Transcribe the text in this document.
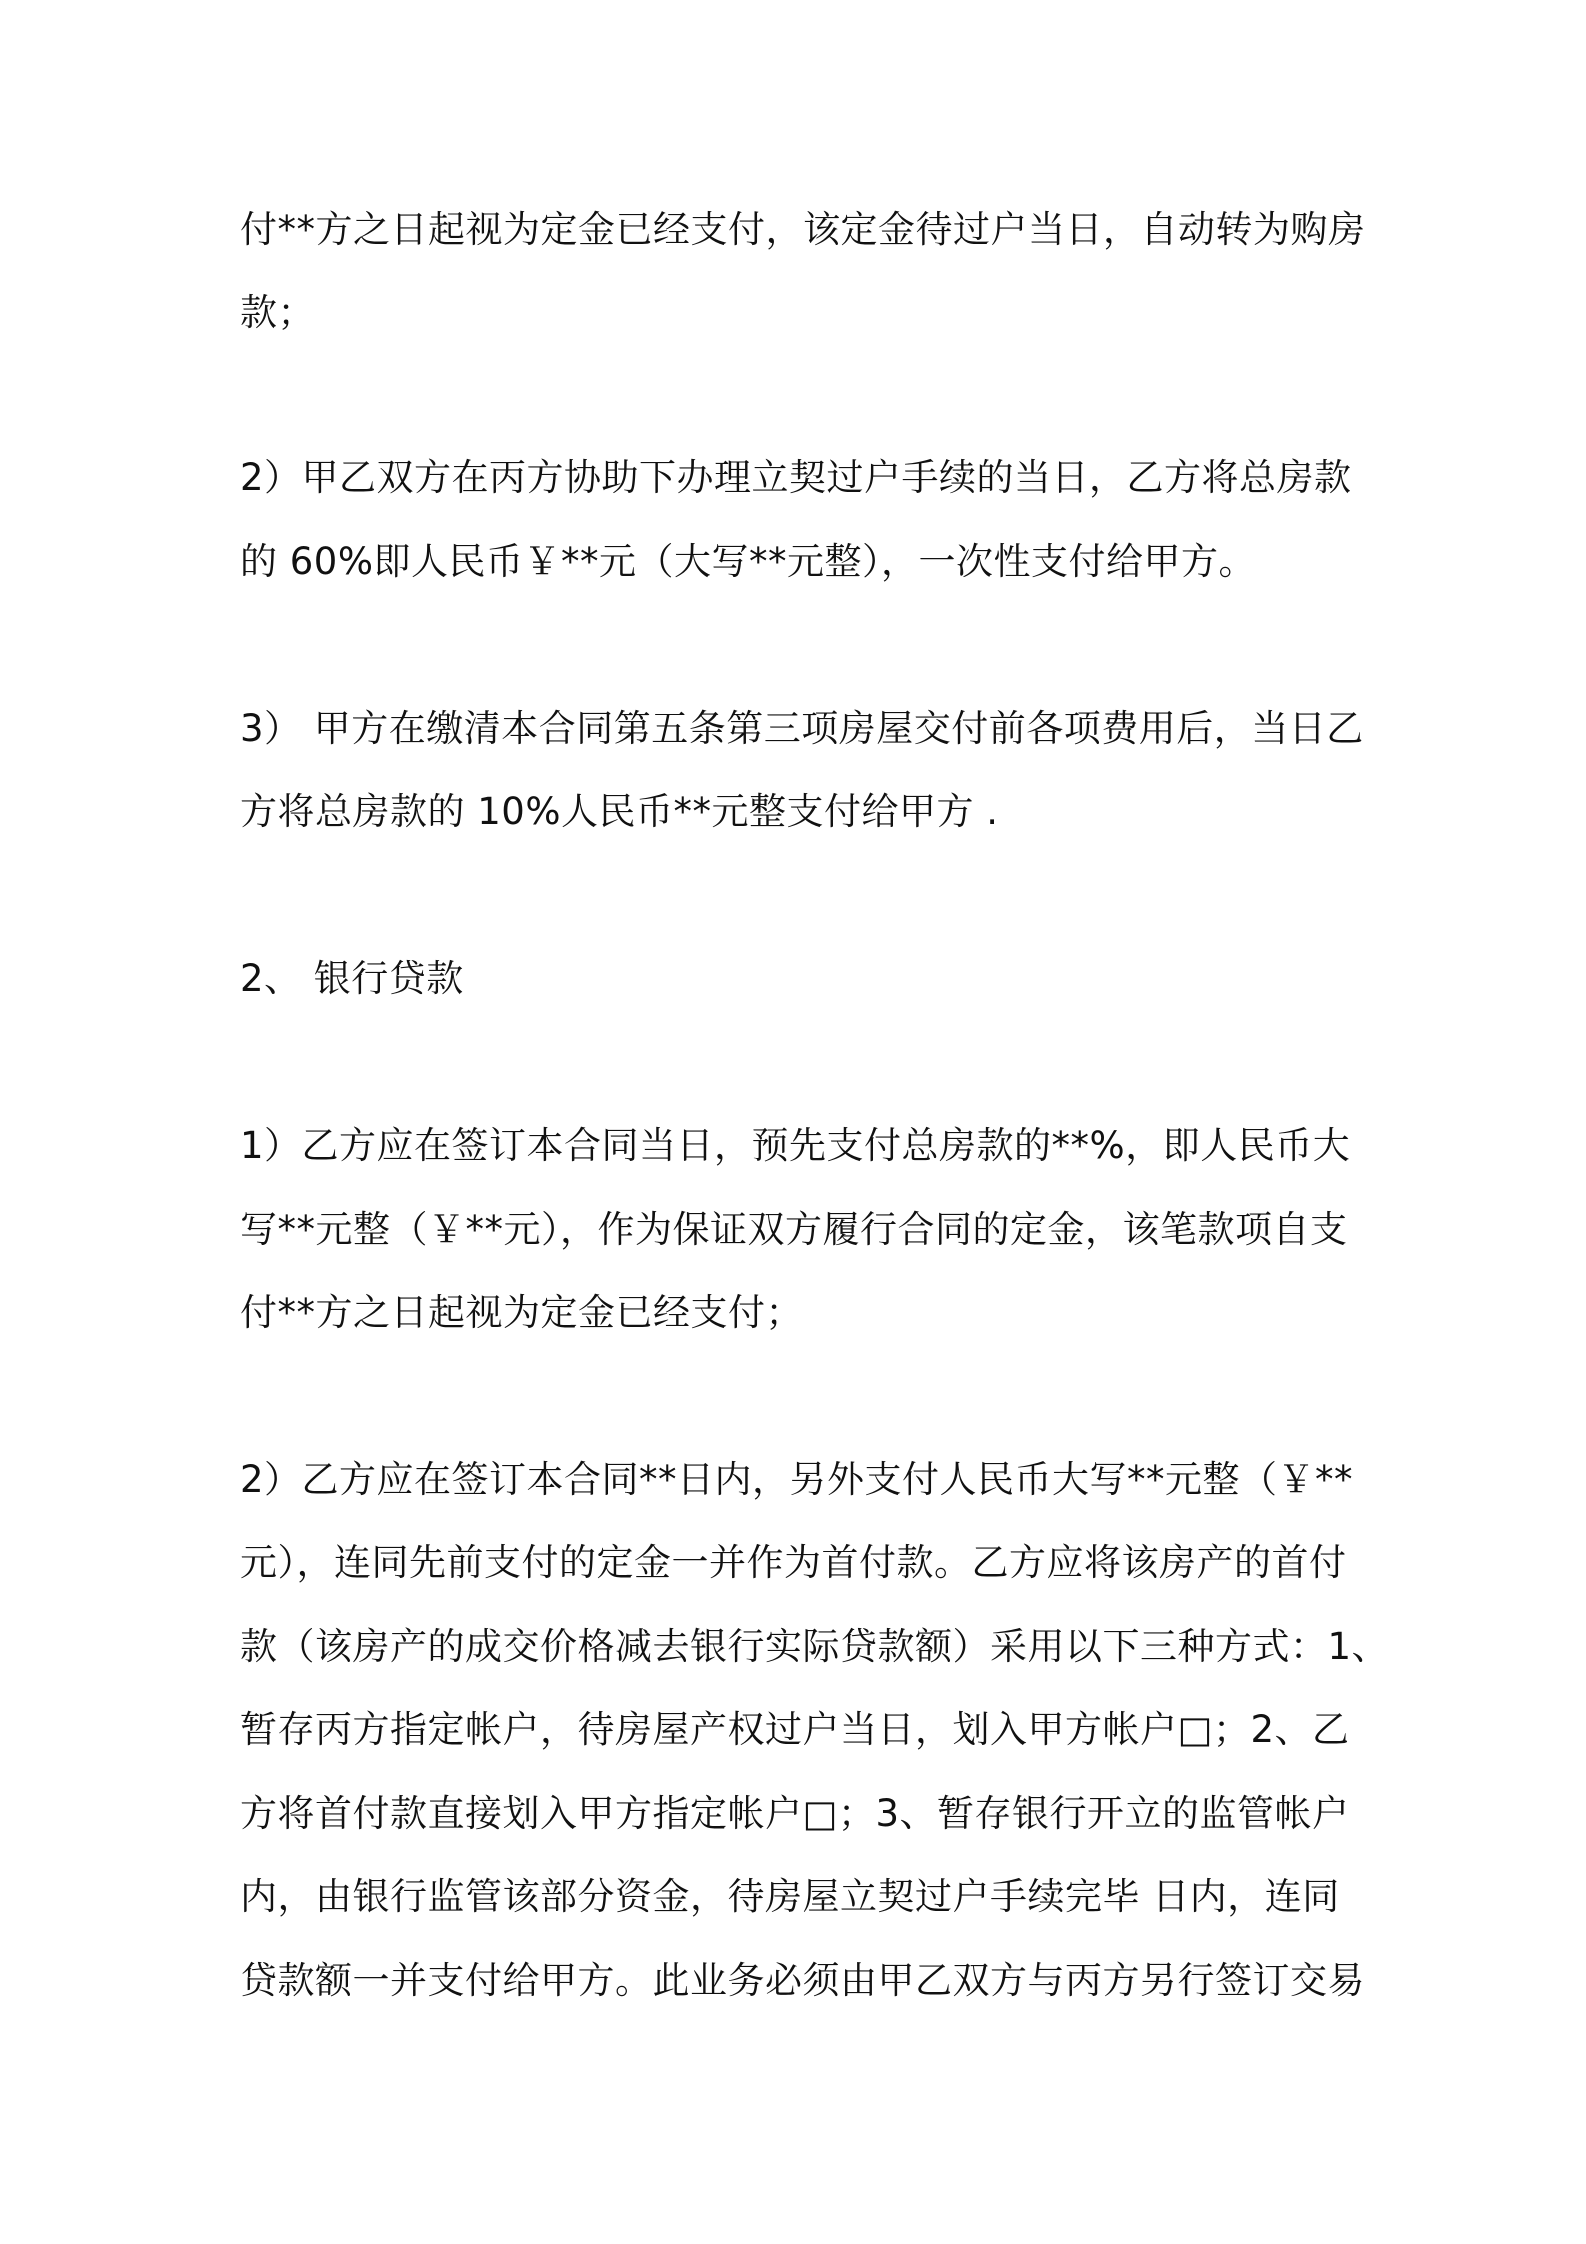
付**方之日起视为定金已经支付，该定金待过户当日，自动转为购房
款；
2）甲乙双方在丙方协助下办理立契过户手续的当日，乙方将总房款
的 60%即人民币￥**元（大写**元整），一次性支付给甲方。
3） 甲方在缴清本合同第五条第三项房屋交付前各项费用后，当日乙
方将总房款的 10%人民币**元整支付给甲方 .
2、 银行贷款
1）乙方应在签订本合同当日，预先支付总房款的**%，即人民币大
写**元整（￥**元），作为保证双方履行合同的定金，该笔款项自支
付**方之日起视为定金已经支付；
2）乙方应在签订本合同**日内，另外支付人民币大写**元整（￥**
元），连同先前支付的定金一并作为首付款。乙方应将该房产的首付
款（该房产的成交价格减去银行实际贷款额）采用以下三种方式：1、
暂存丙方指定帐户，待房屋产权过户当日，划入甲方帐户□；2、乙
方将首付款直接划入甲方指定帐户□；3、暂存银行开立的监管帐户
内，由银行监管该部分资金，待房屋立契过户手续完毕 日内，连同
贷款额一并支付给甲方。此业务必须由甲乙双方与丙方另行签订交易
